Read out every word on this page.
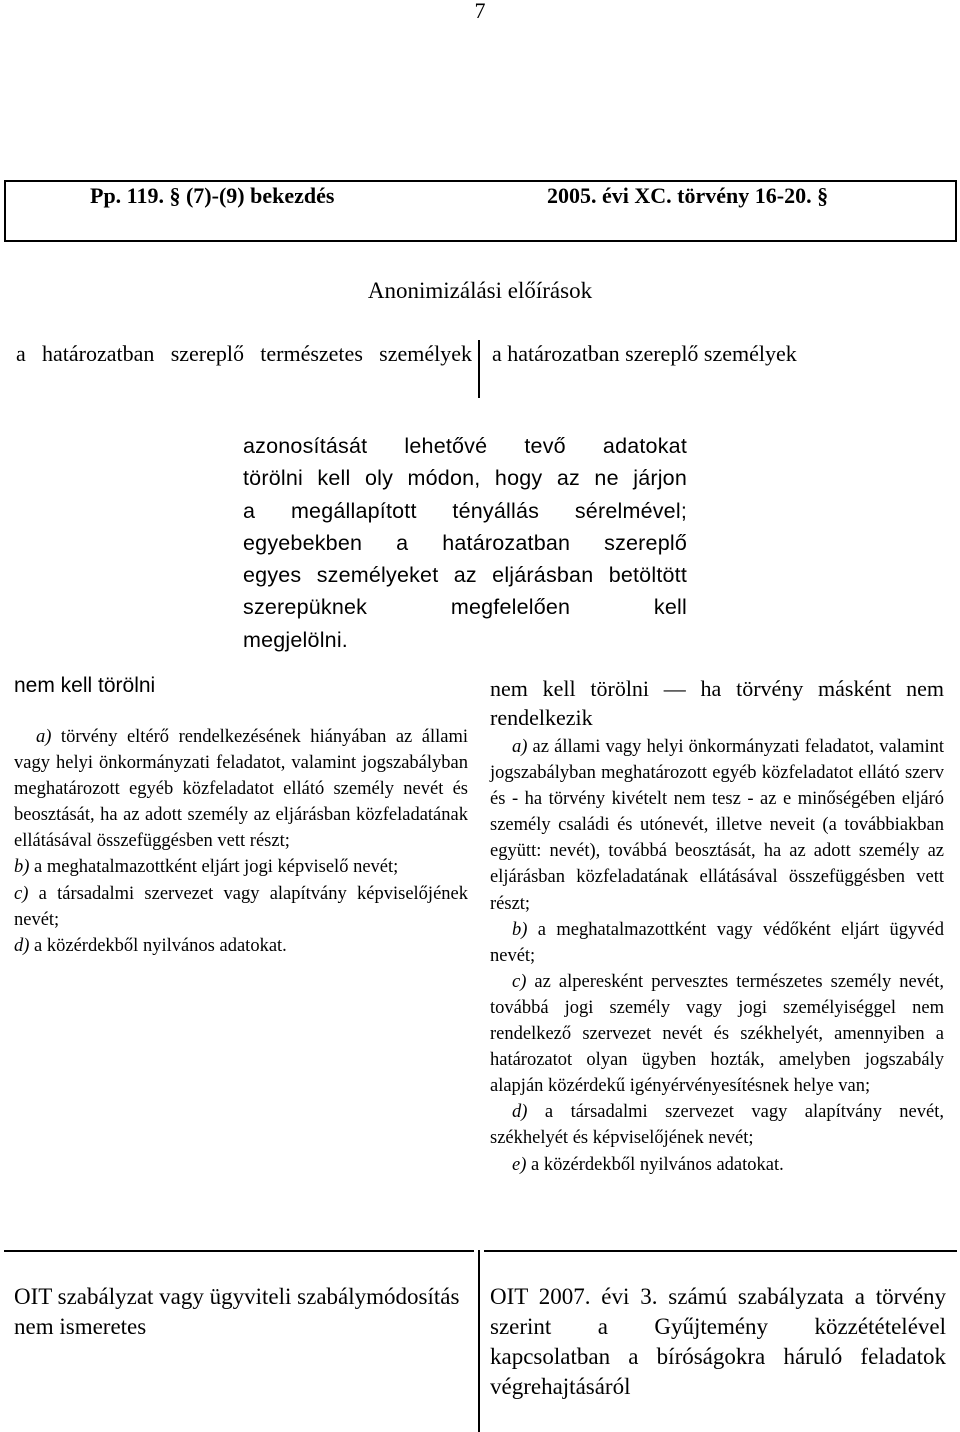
7
Pp. 119. § (7)-(9) bekezdés	2005. évi XC. törvény 16-20. §
Anonimizálási előírások
a határozatban szereplő természetes személyek a határozatban szereplő személyek
azonosítását lehetővé tevő adatokat
törölni kell oly módon, hogy az ne járjon
a megállapított tényállás sérelmével;
egyebekben a határozatban szereplő
egyes személyeket az eljárásban betöltött
szerepüknek megfelelően kell
megjelölni.
nem kell törölni
a) törvény eltérő rendelkezésének hiányában az állami vagy helyi önkormányzati feladatot, valamint jogszabályban meghatározott egyéb közfeladatot ellátó személy nevét és beosztását, ha az adott személy az eljárásban közfeladatának ellátásával összefüggésben vett részt;
b) a meghatalmazottként eljárt jogi képviselő nevét;
c) a társadalmi szervezet vagy alapítvány képviselőjének nevét;
d) a közérdekből nyilvános adatokat.
nem kell törölni — ha törvény másként nem rendelkezik
a) az állami vagy helyi önkormányzati feladatot, valamint jogszabályban meghatározott egyéb közfeladatot ellátó szerv és - ha törvény kivételt nem tesz - az e minőségében eljáró személy családi és utónevét, illetve neveit (a továbbiakban együtt: nevét), továbbá beosztását, ha az adott személy az eljárásban közfeladatának ellátásával összefüggésben vett részt;
b) a meghatalmazottként vagy védőként eljárt ügyvéd nevét;
c) az alperesként pervesztes természetes személy nevét, továbbá jogi személy vagy jogi személyiséggel nem rendelkező szervezet nevét és székhelyét, amennyiben a határozatot olyan ügyben hozták, amelyben jogszabály alapján közérdekű igényérvényesítésnek helye van;
d) a társadalmi szervezet vagy alapítvány nevét, székhelyét és képviselőjének nevét;
e) a közérdekből nyilvános adatokat.
OIT szabályzat vagy ügyviteli szabálymódosítás nem ismeretes
OIT 2007. évi 3. számú szabályzata a törvény szerint a Gyűjtemény közzétételével kapcsolatban a bíróságokra háruló feladatok végrehajtásáról
